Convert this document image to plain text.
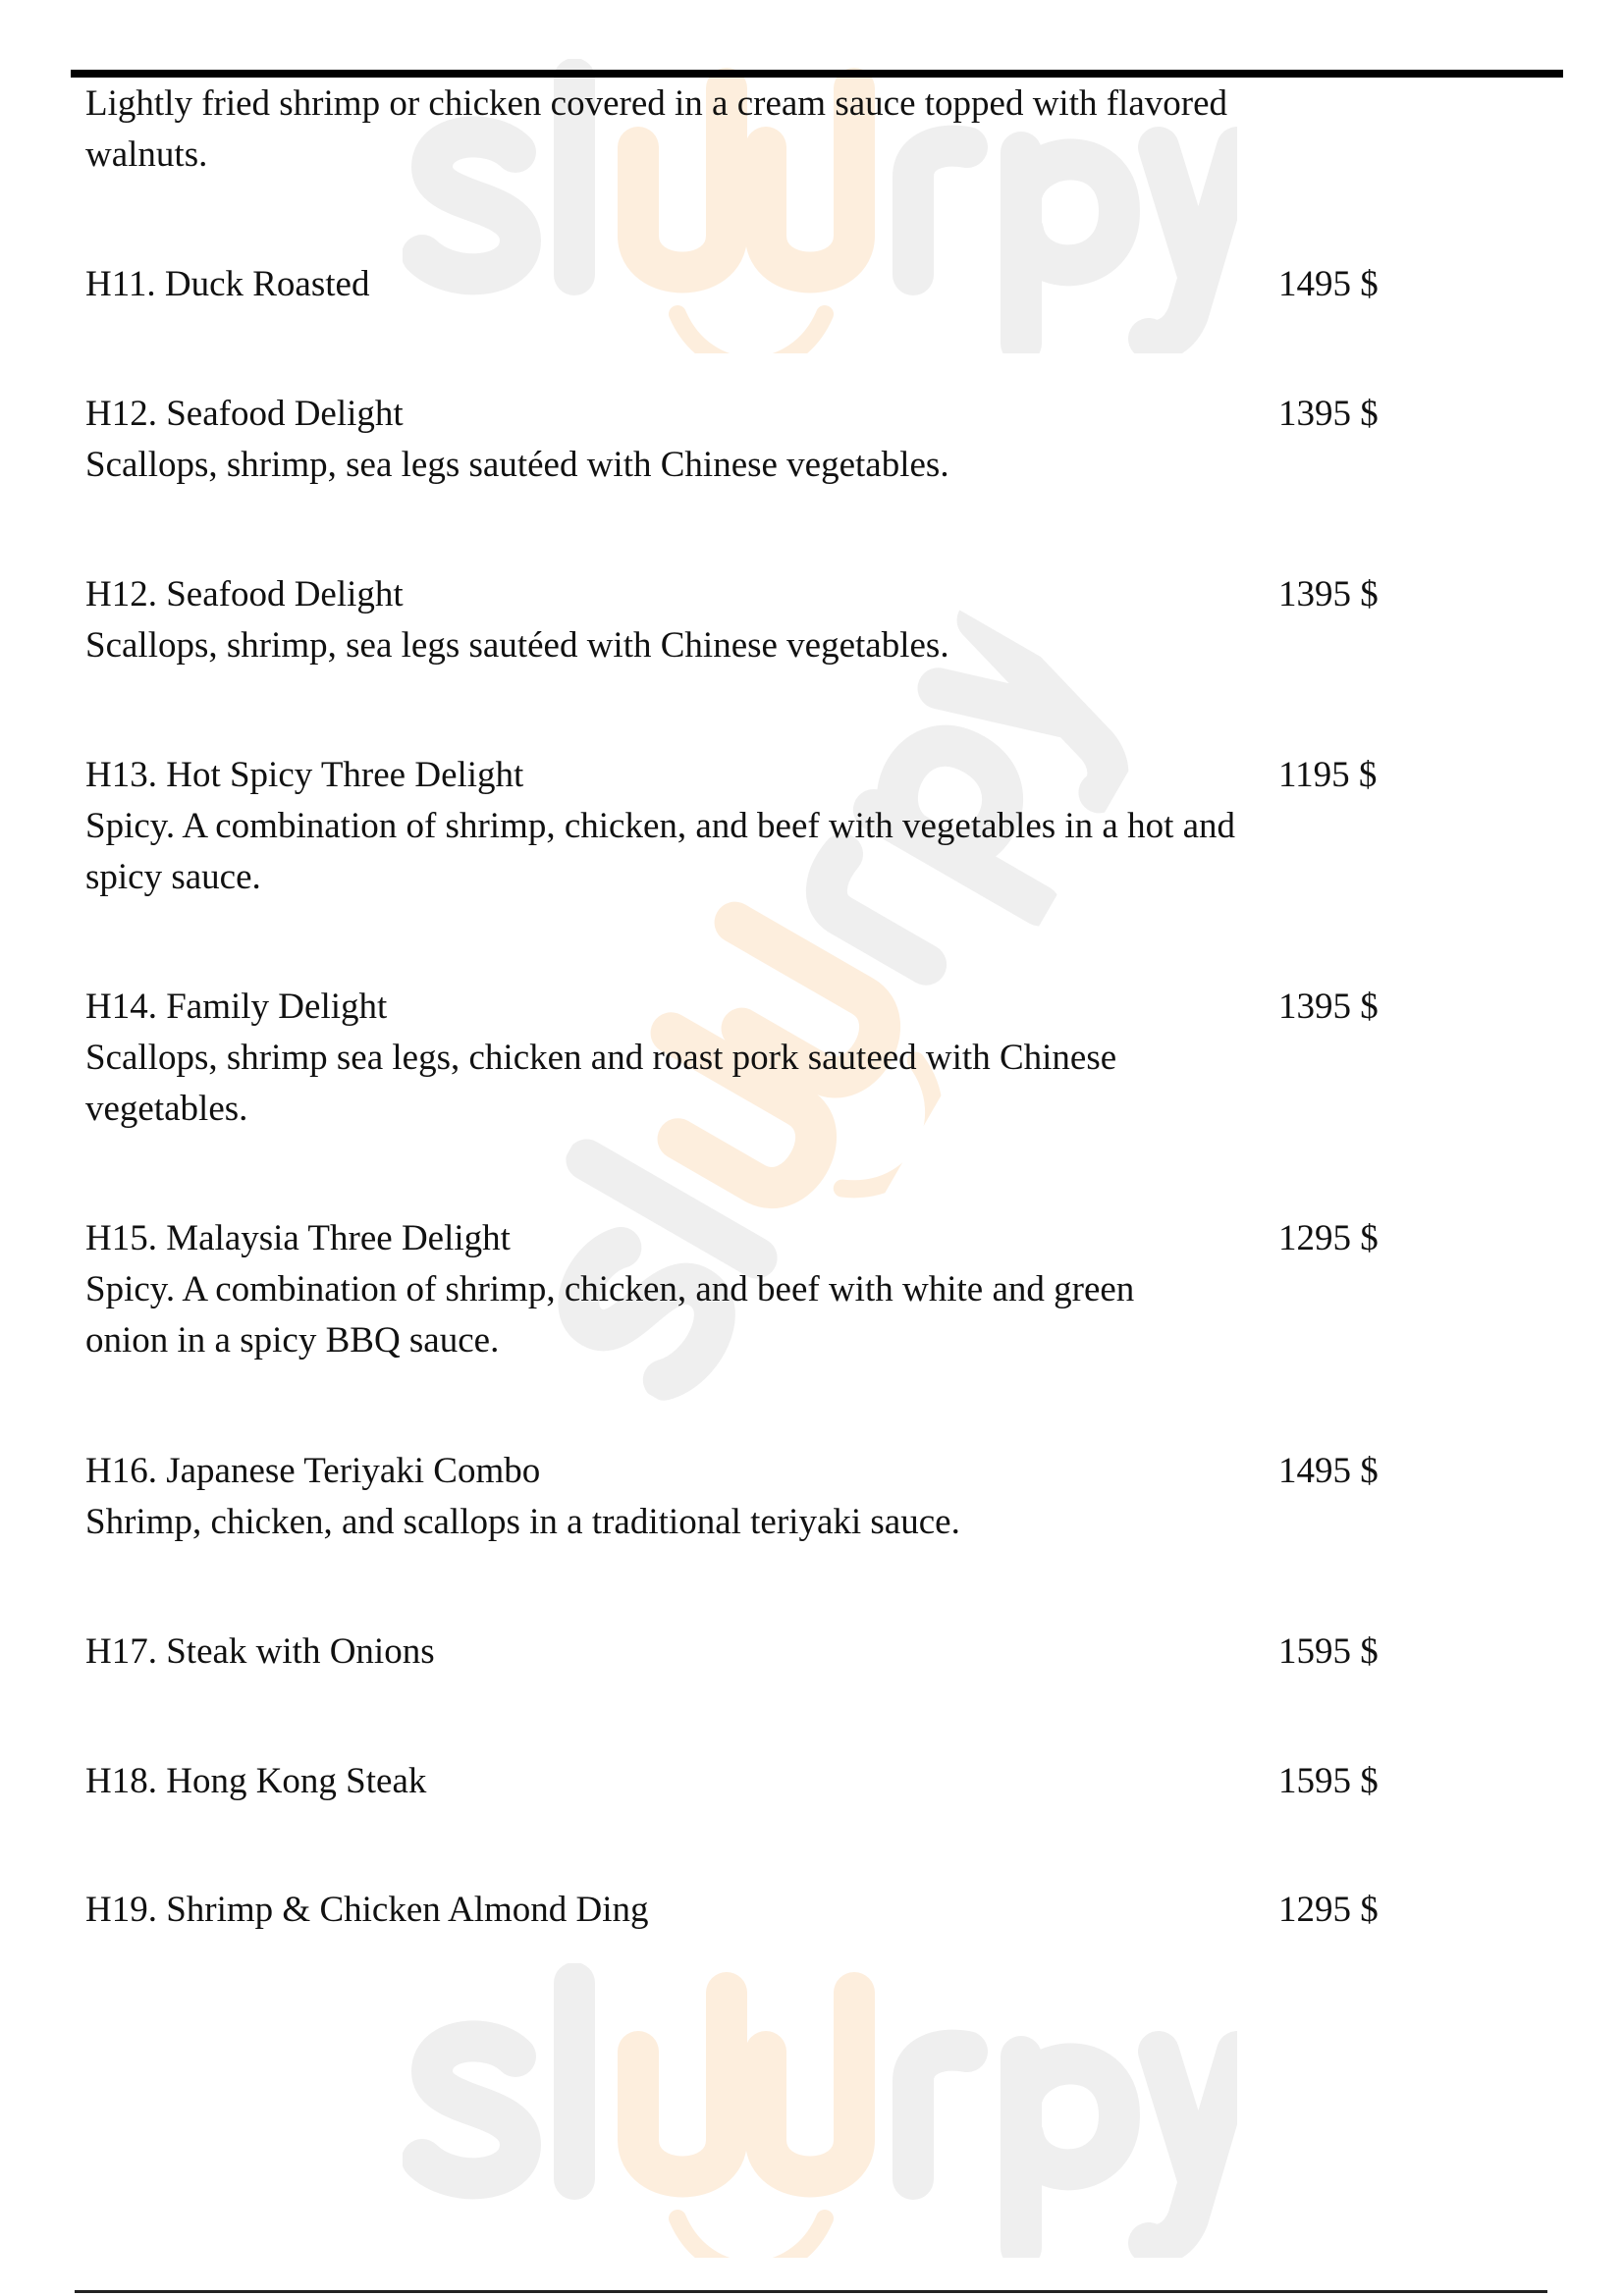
Lightly fried shrimp or chicken covered in a cream sauce topped with flavored walnuts.
H11. Duck Roasted	1495 $
H12. Seafood Delight
Scallops, shrimp, sea legs sautéed with Chinese vegetables.
1395 $
H12. Seafood Delight
Scallops, shrimp, sea legs sautéed with Chinese vegetables.
1395 $
H13. Hot Spicy Three Delight
Spicy. A combination of shrimp, chicken, and beef with vegetables in a hot and spicy sauce.
1195 $
H14. Family Delight
Scallops, shrimp sea legs, chicken and roast pork sauteed with Chinese vegetables.
1395 $
H15. Malaysia Three Delight
Spicy. A combination of shrimp, chicken, and beef with white and green onion in a spicy BBQ sauce.
1295 $
H16. Japanese Teriyaki Combo
Shrimp, chicken, and scallops in a traditional teriyaki sauce.
1495 $
H17. Steak with Onions	1595 $
H18. Hong Kong Steak	1595 $
H19. Shrimp & Chicken Almond Ding	1295 $
